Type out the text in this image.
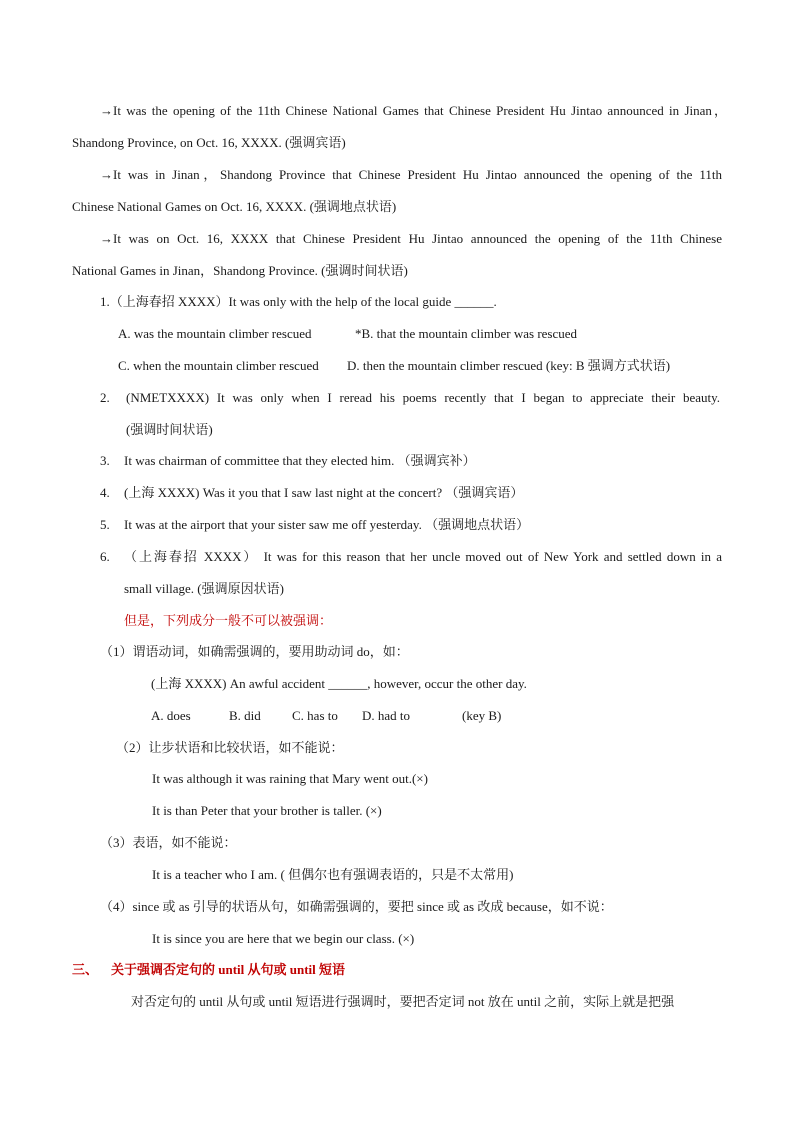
→It was the opening of the 11th Chinese National Games that Chinese President Hu Jintao announced in Jinan，
Shandong Province, on Oct. 16, XXXX. (强调宾语)
→It was in Jinan，Shandong Province that Chinese President Hu Jintao announced the opening of the 11th
Chinese National Games on Oct. 16, XXXX. (强调地点状语)
→It was on Oct. 16, XXXX that Chinese President Hu Jintao announced the opening of the 11th Chinese
National Games in Jinan，Shandong Province. (强调时间状语)
1.（上海春招 XXXX）It was only with the help of the local guide ______.
A. was the mountain climber rescued	*B. that the mountain climber was rescued
C. when the mountain climber rescued D. then the mountain climber rescued (key: B 强调方式状语)
2. (NMETXXXX) It was only when I reread his poems recently that I began to appreciate their beauty.
(强调时间状语)
3. It was chairman of committee that they elected him. （强调宾补）
4. (上海 XXXX) Was it you that I saw last night at the concert? （强调宾语）
5. It was at the airport that your sister saw me off yesterday. （强调地点状语）
6. （上海春招 XXXX） It was for this reason that her uncle moved out of New York and settled down in a
small village. (强调原因状语)
但是，下列成分一般不可以被强调：
（1）谓语动词，如确需强调的，要用助动词 do，如：
(上海 XXXX) An awful accident ______, however, occur the other day.
A. does	B. did C. has to D. had to	(key B)
（2）让步状语和比较状语，如不能说：
It was although it was raining that Mary went out.(×)
It is than Peter that your brother is taller. (×)
（3）表语，如不能说：
It is a teacher who I am. ( 但偶尔也有强调表语的，只是不太常用)
（4）since 或 as 引导的状语从句，如确需强调的，要把 since 或 as 改成 because，如不说：
It is since you are here that we begin our class. (×)
三、 关于强调否定句的 until 从句或 until 短语
对否定句的 until 从句或 until 短语进行强调时，要把否定词 not 放在 until 之前，实际上就是把强
